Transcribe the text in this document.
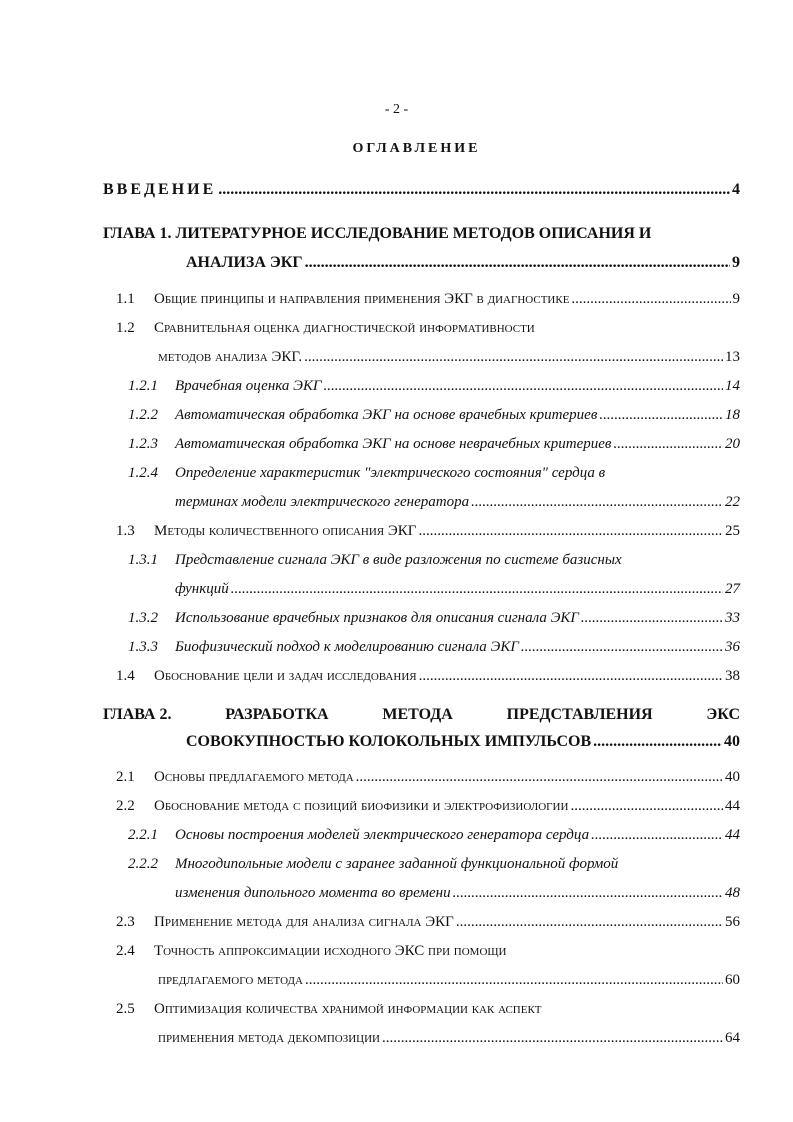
- 2 -
ОГЛАВЛЕНИЕ
ВВЕДЕНИЕ .....	4
ГЛАВА 1. ЛИТЕРАТУРНОЕ ИССЛЕДОВАНИЕ МЕТОДОВ ОПИСАНИЯ И
АНАЛИЗА ЭКГ .....	9
1.1 Общие принципы и направления применения ЭКГ в диагностике .....	9
1.2 Сравнительная оценка диагностической информативности
методов анализа ЭКГ. .....	13
1.2.1 Врачебная оценка ЭКГ .....	14
1.2.2 Автоматическая обработка ЭКГ на основе врачебных критериев .....	18
1.2.3 Автоматическая обработка ЭКГ на основе неврачебных критериев .....	20
1.2.4 Определение характеристик "электрического состояния" сердца в
терминах модели электрического генератора .....	22
1.3 Методы количественного описания ЭКГ .....	25
1.3.1 Представление сигнала ЭКГ в виде разложения по системе базисных
функций .....	27
1.3.2 Использование врачебных признаков для описания сигнала ЭКГ .....	33
1.3.3 Биофизический подход к моделированию сигнала ЭКГ .....	36
1.4 Обоснование цели и задач исследования .....	38
ГЛАВА 2.	РАЗРАБОТКА	МЕТОДА	ПРЕДСТАВЛЕНИЯ	ЭКС
СОВОКУПНОСТЬЮ КОЛОКОЛЬНЫХ ИМПУЛЬСОВ .....	40
2.1 Основы предлагаемого метода .....	40
2.2 Обоснование метода с позиций биофизики и электрофизиологии .....	44
2.2.1 Основы построения моделей электрического генератора сердца .....	44
2.2.2 Многодипольные модели с заранее заданной функциональной формой
изменения дипольного момента во времени .....	48
2.3 Применение метода для анализа сигнала ЭКГ .....	56
2.4 Точность аппроксимации исходного ЭКС при помощи
предлагаемого метода .....	60
2.5 Оптимизация количества хранимой информации как аспект
применения метода декомпозиции .....	64
